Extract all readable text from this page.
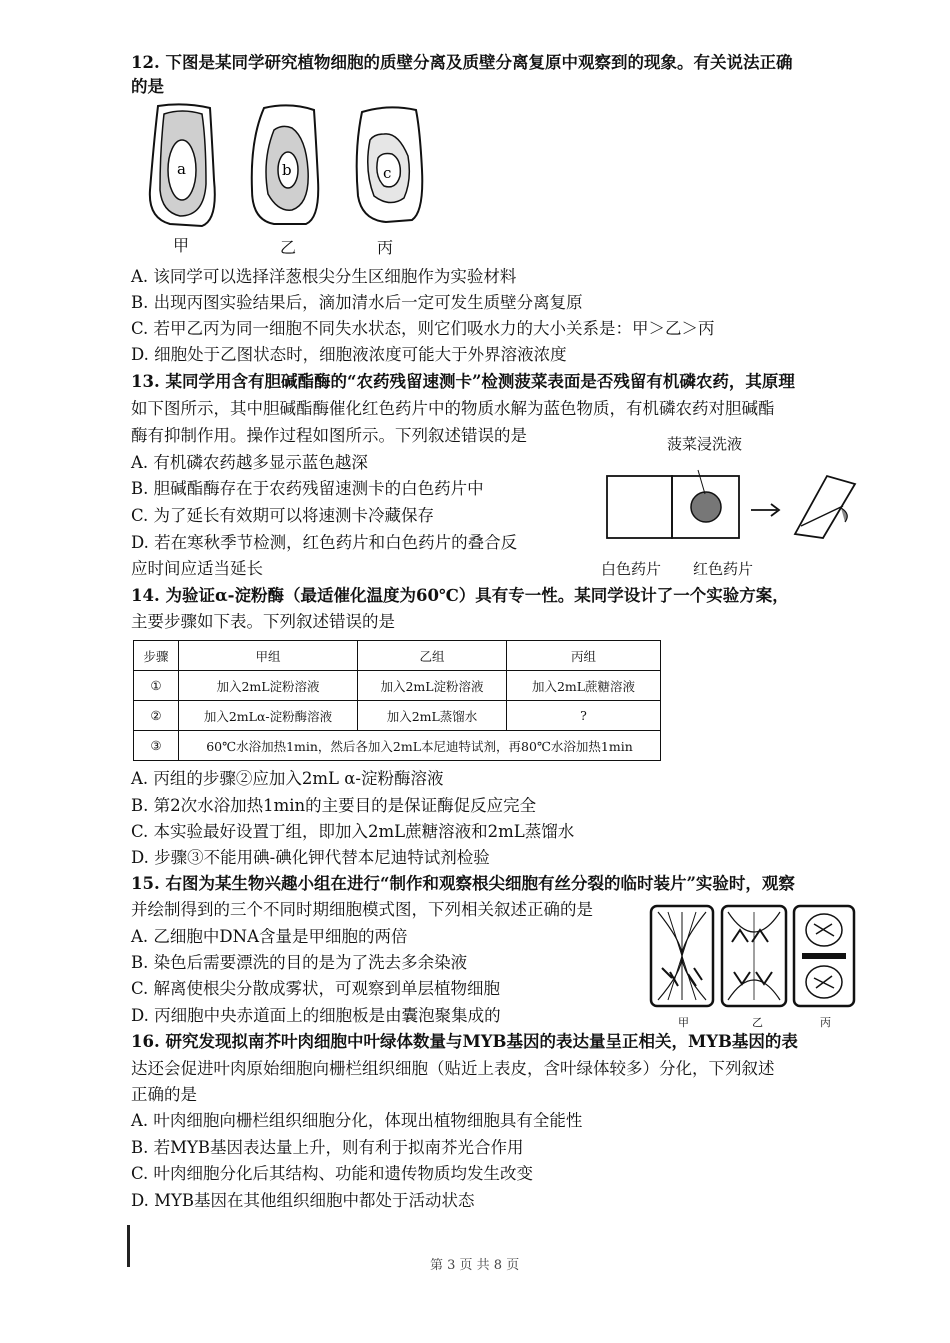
12. 下图是某同学研究植物细胞的质壁分离及质壁分离复原中观察到的现象。有关说法正确
的是
a	b	c
甲	乙	丙
A. 该同学可以选择洋葱根尖分生区细胞作为实验材料
B. 出现丙图实验结果后，滴加清水后一定可发生质壁分离复原
C. 若甲乙丙为同一细胞不同失水状态，则它们吸水力的大小关系是：甲＞乙＞丙
D. 细胞处于乙图状态时，细胞液浓度可能大于外界溶液浓度
13. 某同学用含有胆碱酯酶的“农药残留速测卡”检测菠菜表面是否残留有机磷农药，其原理
如下图所示，其中胆碱酯酶催化红色药片中的物质水解为蓝色物质，有机磷农药对胆碱酯
酶有抑制作用。操作过程如图所示。下列叙述错误的是
A. 有机磷农药越多显示蓝色越深
B. 胆碱酯酶存在于农药残留速测卡的白色药片中
C. 为了延长有效期可以将速测卡冷藏保存
D. 若在寒秋季节检测，红色药片和白色药片的叠合反
应时间应适当延长
菠菜浸洗液
白色药片 红色药片
14. 为验证α-淀粉酶（最适催化温度为60℃）具有专一性。某同学设计了一个实验方案，
主要步骤如下表。下列叙述错误的是
步骤	甲组	乙组	丙组
①	加入2mL淀粉溶液	加入2mL淀粉溶液	加入2mL蔗糖溶液
②	加入2mLα-淀粉酶溶液	加入2mL蒸馏水	?
③	60℃水浴加热1min，然后各加入2mL本尼迪特试剂，再80℃水浴加热1min		
A. 丙组的步骤②应加入2mL α-淀粉酶溶液
B. 第2次水浴加热1min的主要目的是保证酶促反应完全
C. 本实验最好设置丁组，即加入2mL蔗糖溶液和2mL蒸馏水
D. 步骤③不能用碘-碘化钾代替本尼迪特试剂检验
15. 右图为某生物兴趣小组在进行“制作和观察根尖细胞有丝分裂的临时装片”实验时，观察
并绘制得到的三个不同时期细胞模式图，下列相关叙述正确的是
A. 乙细胞中DNA含量是甲细胞的两倍
B. 染色后需要漂洗的目的是为了洗去多余染液
C. 解离使根尖分散成雾状，可观察到单层植物细胞
D. 丙细胞中央赤道面上的细胞板是由囊泡聚集成的	甲	乙	丙
16. 研究发现拟南芥叶肉细胞中叶绿体数量与MYB基因的表达量呈正相关，MYB基因的表
达还会促进叶肉原始细胞向栅栏组织细胞（贴近上表皮，含叶绿体较多）分化，下列叙述
正确的是
A. 叶肉细胞向栅栏组织细胞分化，体现出植物细胞具有全能性
B. 若MYB基因表达量上升，则有利于拟南芥光合作用
C. 叶肉细胞分化后其结构、功能和遗传物质均发生改变
D. MYB基因在其他组织细胞中都处于活动状态
第 3 页 共 8 页
